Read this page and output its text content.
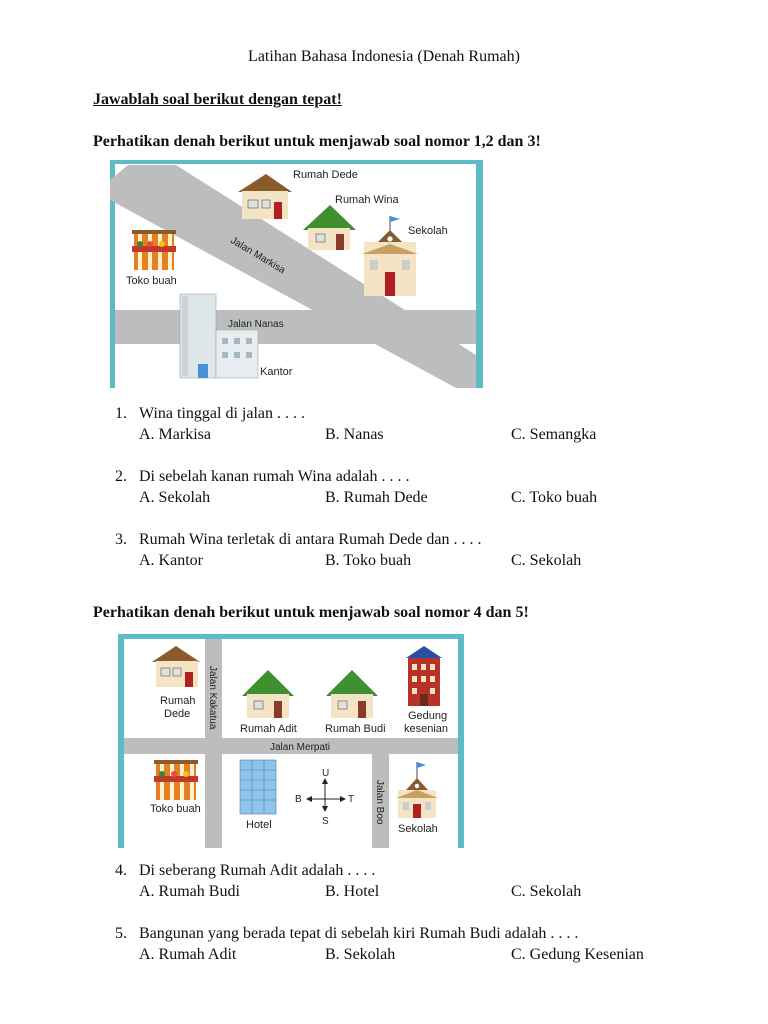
Latihan Bahasa Indonesia (Denah Rumah)
Jawablah soal berikut dengan tepat!
Perhatikan denah berikut untuk menjawab soal nomor 1,2 dan 3!
Jalan Markisa
Jalan Nanas
Rumah Dede
Rumah Wina
Sekolah
Toko buah
Kantor
1. Wina tinggal di jalan . . . .
A. Markisa	B. Nanas	C. Semangka
2. Di sebelah kanan rumah Wina adalah . . . .
A. Sekolah	B. Rumah Dede	C. Toko buah
3. Rumah Wina terletak di antara Rumah Dede dan . . . .
A. Kantor	B. Toko buah	C. Sekolah
Perhatikan denah berikut untuk menjawab soal nomor 4 dan 5!
Jalan Merpati
Jalan Kakatua
Jalan Boo
Rumah
Dede
Rumah Adit	Rumah Budi
Gedung
kesenian
Toko buah
Hotel
U
B	T
S
Sekolah
4. Di seberang Rumah Adit adalah . . . .
A. Rumah Budi	B. Hotel	C. Sekolah
5. Bangunan yang berada tepat di sebelah kiri Rumah Budi adalah . . . .
A. Rumah Adit	B. Sekolah	C. Gedung Kesenian
